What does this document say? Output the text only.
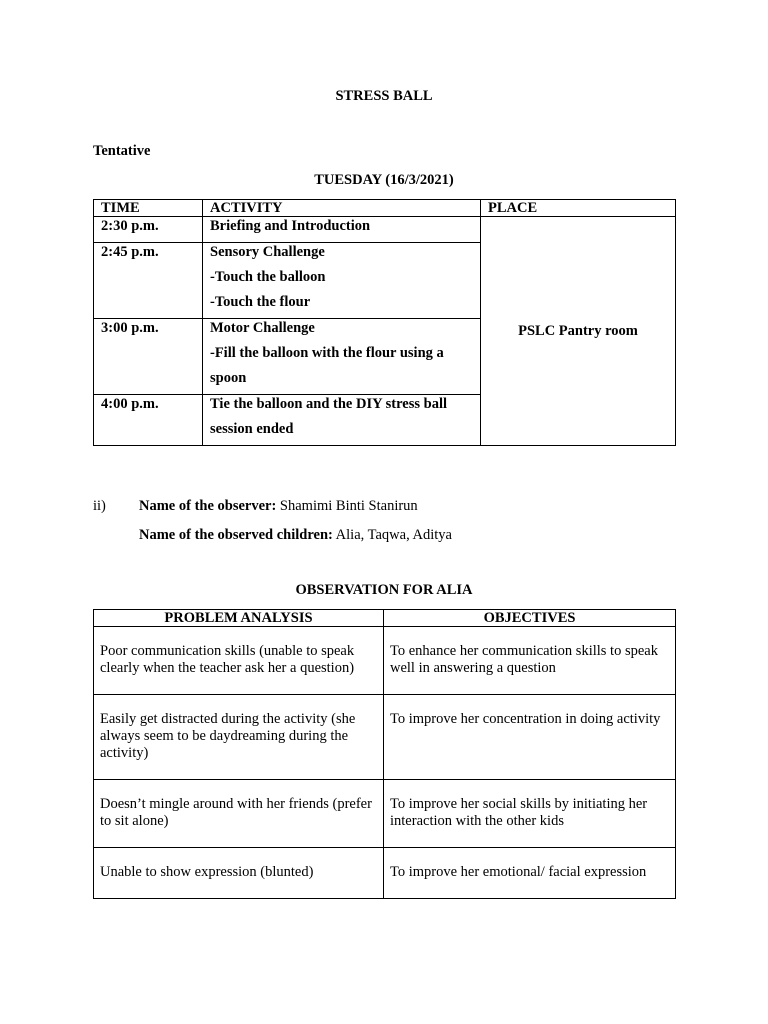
STRESS BALL
Tentative
TUESDAY (16/3/2021)
TIME	ACTIVITY	PLACE

2:30 p.m.	Briefing and Introduction	PSLC Pantry room

2:45 p.m.	Sensory Challenge
-Touch the balloon
-Touch the flour	

3:00 p.m.	Motor Challenge
-Fill the balloon with the flour using a
spoon	

4:00 p.m.	Tie the balloon and the DIY stress ball
session ended	
ii) Name of the observer: Shamimi Binti Stanirun
Name of the observed children: Alia, Taqwa, Aditya
OBSERVATION FOR ALIA
PROBLEM ANALYSIS	OBJECTIVES
Poor communication skills (unable to speak clearly when the teacher ask her a question)	To enhance her communication skills to speak well in answering a question
Easily get distracted during the activity (she always seem to be daydreaming during the activity)	To improve her concentration in doing activity
Doesn’t mingle around with her friends (prefer to sit alone)	To improve her social skills by initiating her interaction with the other kids
Unable to show expression (blunted)	To improve her emotional/ facial expression
